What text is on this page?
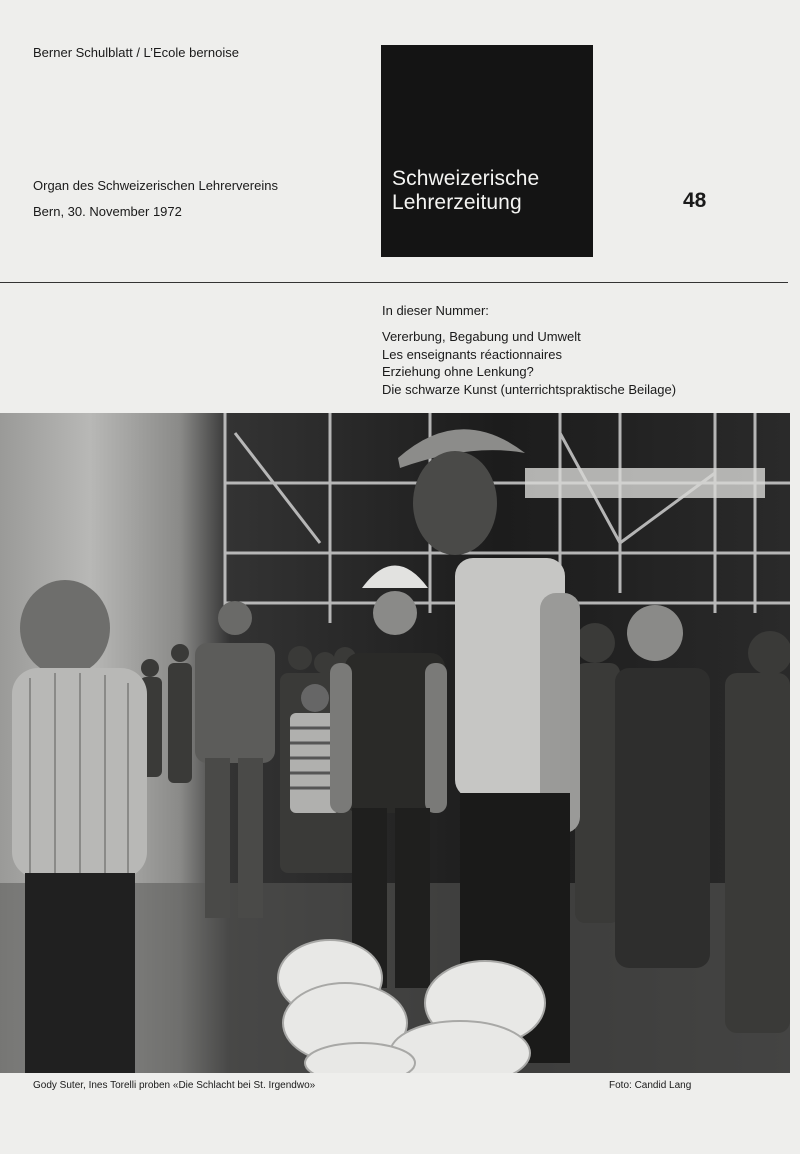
Berner Schulblatt / L’Ecole bernoise
Organ des Schweizerischen Lehrervereins
Bern, 30. November 1972
Schweizerische
Lehrerzeitung	48
In dieser Nummer:
Vererbung, Begabung und Umwelt
Les enseignants réactionnaires
Erziehung ohne Lenkung?
Die schwarze Kunst (unterrichtspraktische Beilage)
Gody Suter, Ines Torelli proben «Die Schlacht bei St. Irgendwo»	Foto: Candid Lang
